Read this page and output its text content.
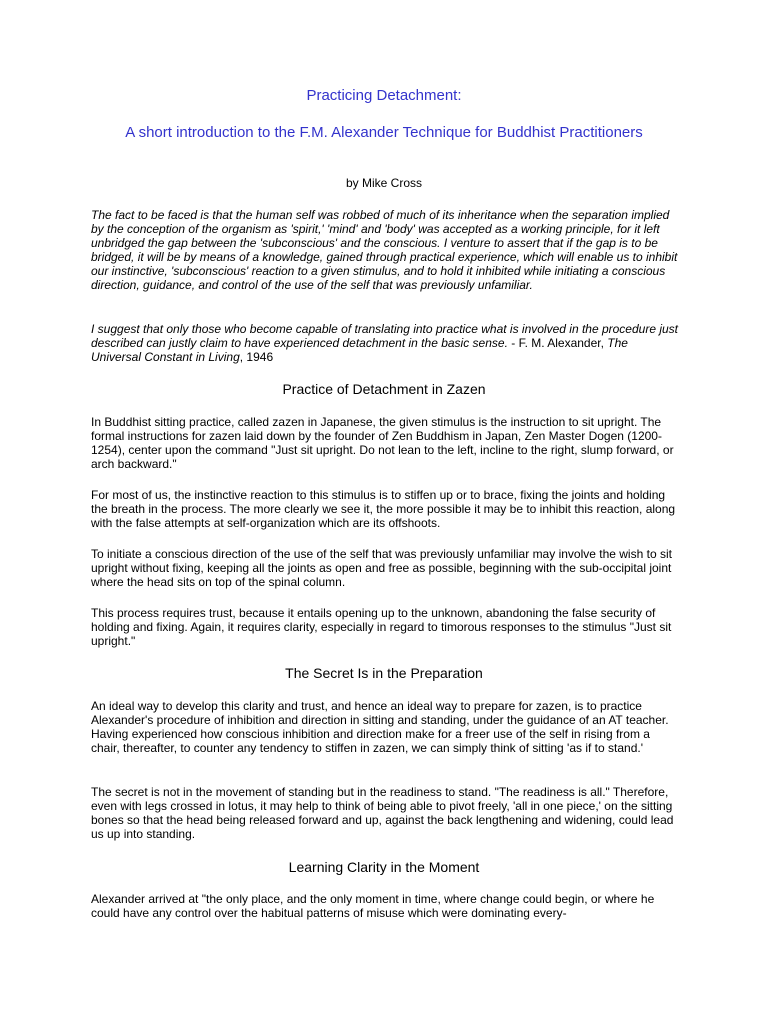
Practicing Detachment:
A short introduction to the F.M. Alexander Technique for Buddhist Practitioners

by Mike Cross

The fact to be faced is that the human self was robbed of much of its inheritance when the separation implied by the conception of the organism as 'spirit,' 'mind' and 'body' was accepted as a working principle, for it left unbridged the gap between the 'subconscious' and the conscious. I venture to assert that if the gap is to be bridged, it will be by means of a knowledge, gained through practical experience, which will enable us to inhibit our instinctive, 'subconscious' reaction to a given stimulus, and to hold it inhibited while initiating a conscious direction, guidance, and control of the use of the self that was previously unfamiliar.

I suggest that only those who become capable of translating into practice what is involved in the procedure just described can justly claim to have experienced detachment in the basic sense. - F. M. Alexander, The Universal Constant in Living, 1946

Practice of Detachment in Zazen

In Buddhist sitting practice, called zazen in Japanese, the given stimulus is the instruction to sit upright. The formal instructions for zazen laid down by the founder of Zen Buddhism in Japan, Zen Master Dogen (1200-1254), center upon the command "Just sit upright. Do not lean to the left, incline to the right, slump forward, or arch backward."

For most of us, the instinctive reaction to this stimulus is to stiffen up or to brace, fixing the joints and holding the breath in the process. The more clearly we see it, the more possible it may be to inhibit this reaction, along with the false attempts at self-organization which are its offshoots.

To initiate a conscious direction of the use of the self that was previously unfamiliar may involve the wish to sit upright without fixing, keeping all the joints as open and free as possible, beginning with the sub-occipital joint where the head sits on top of the spinal column.

This process requires trust, because it entails opening up to the unknown, abandoning the false security of holding and fixing. Again, it requires clarity, especially in regard to timorous responses to the stimulus "Just sit upright."

The Secret Is in the Preparation

An ideal way to develop this clarity and trust, and hence an ideal way to prepare for zazen, is to practice Alexander's procedure of inhibition and direction in sitting and standing, under the guidance of an AT teacher. Having experienced how conscious inhibition and direction make for a freer use of the self in rising from a chair, thereafter, to counter any tendency to stiffen in zazen, we can simply think of sitting 'as if to stand.'

The secret is not in the movement of standing but in the readiness to stand. "The readiness is all." Therefore, even with legs crossed in lotus, it may help to think of being able to pivot freely, 'all in one piece,' on the sitting bones so that the head being released forward and up, against the back lengthening and widening, could lead us up into standing.

Learning Clarity in the Moment

Alexander arrived at "the only place, and the only moment in time, where change could begin, or where he could have any control over the habitual patterns of misuse which were dominating every-
